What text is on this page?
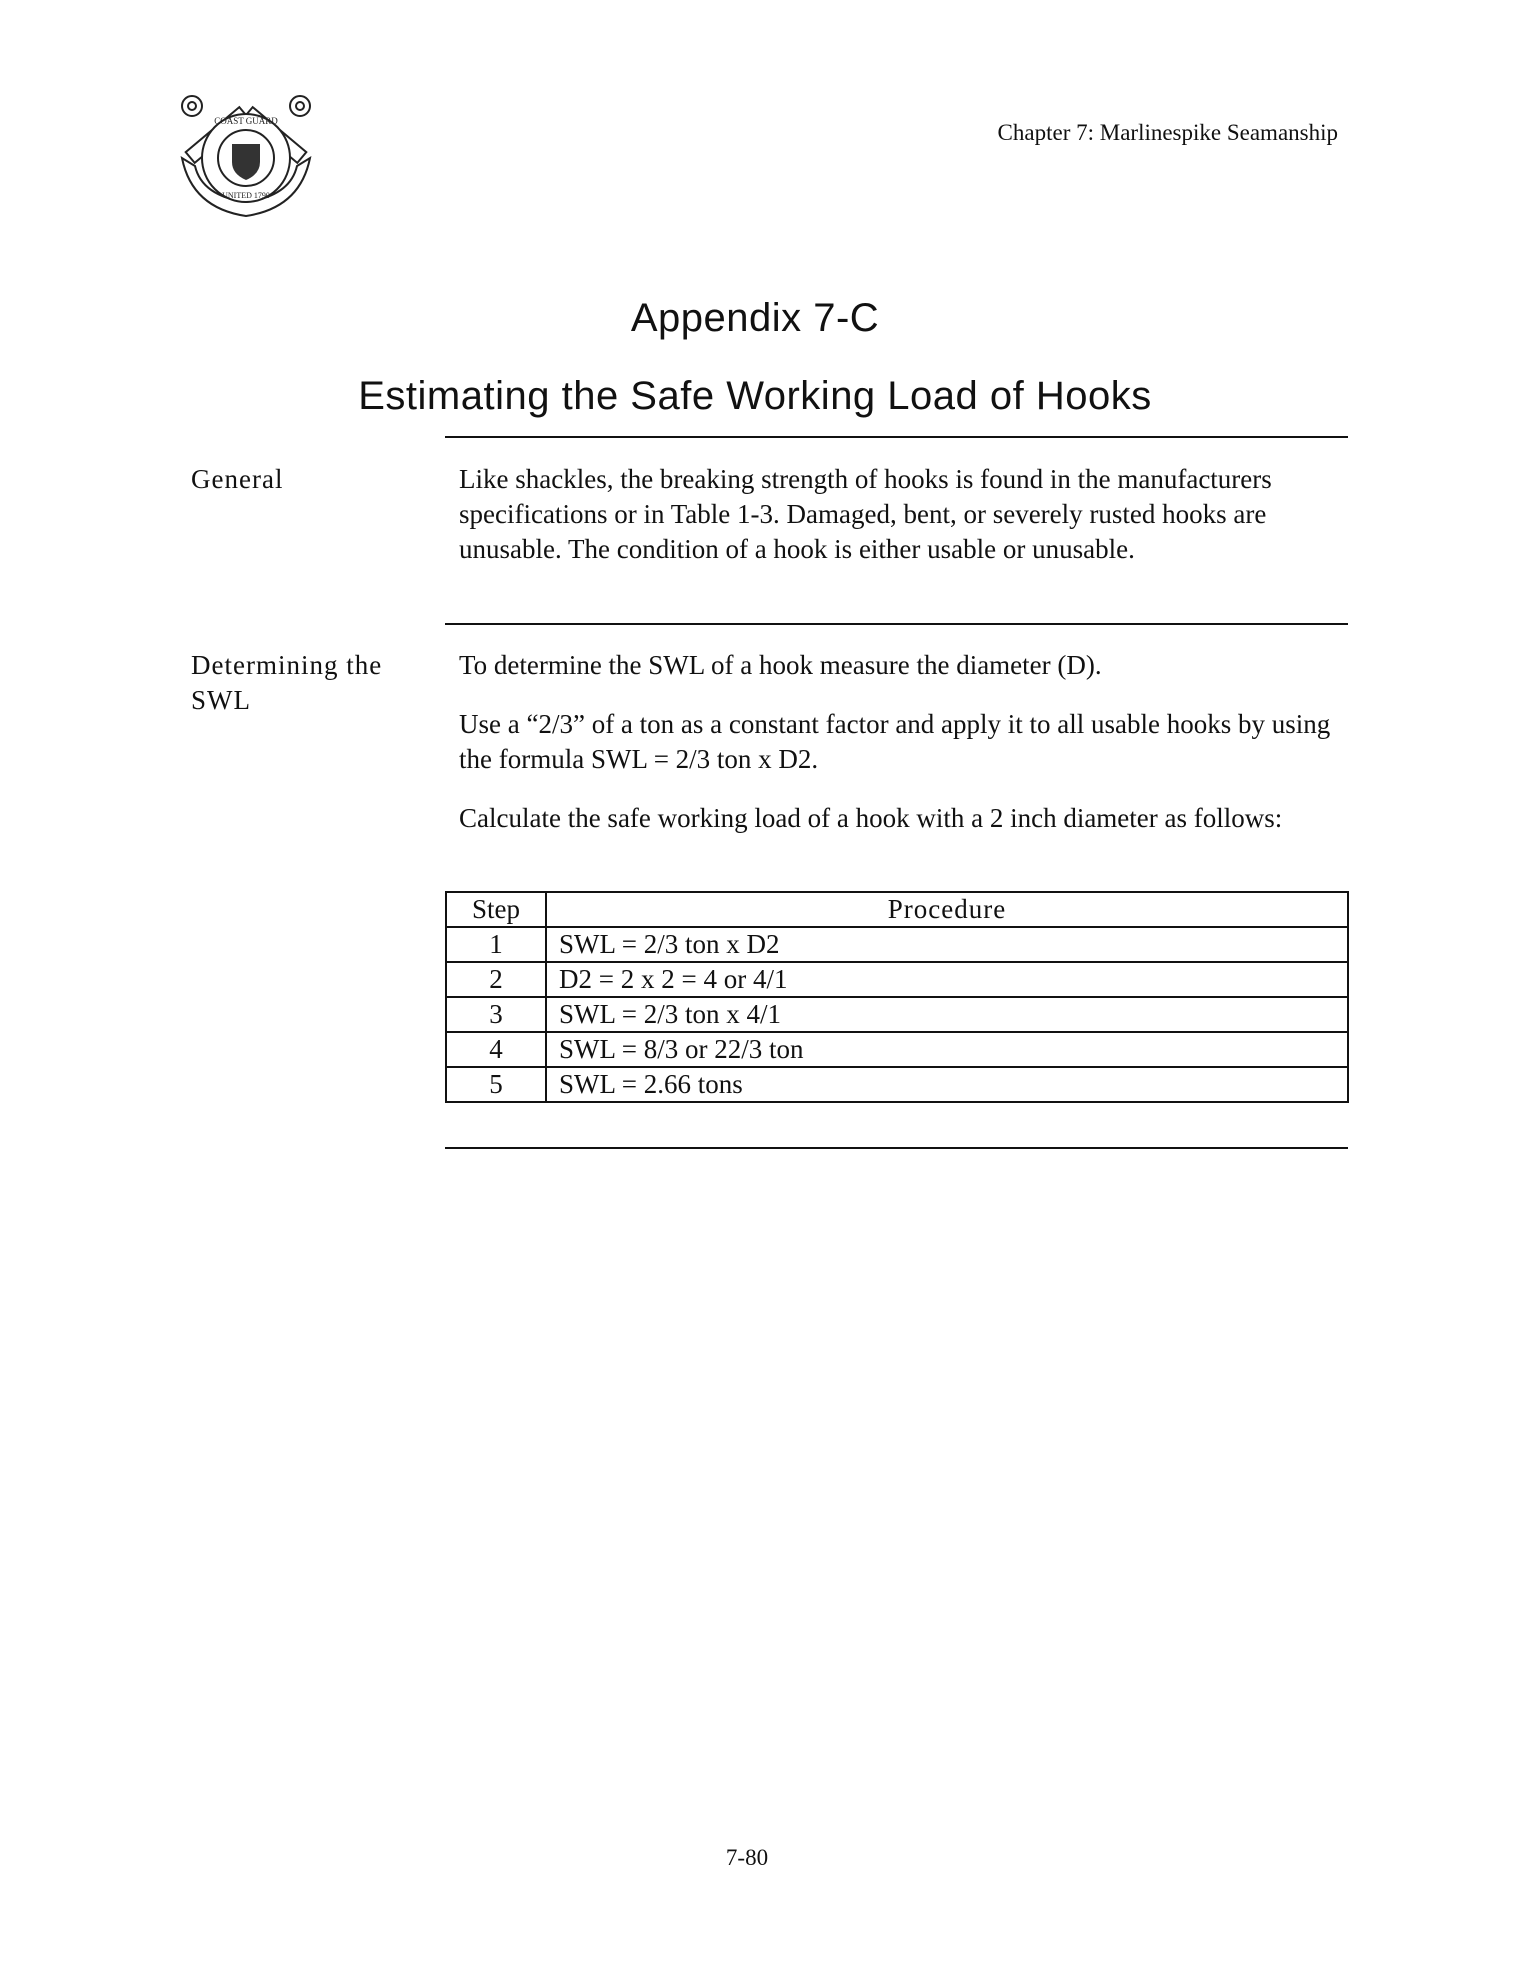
COAST GUARD
UNITED 1790
Chapter 7: Marlinespike Seamanship
Appendix 7-C
Estimating the Safe Working Load of Hooks
General	Like shackles, the breaking strength of hooks is found in the manufacturers specifications or in Table 1-3. Damaged, bent, or severely rusted hooks are unusable. The condition of a hook is either usable or unusable.

Determining the SWL

To determine the SWL of a hook measure the diameter (D).

Use a “2/3” of a ton as a constant factor and apply it to all usable hooks by using the formula SWL = 2/3 ton x D2.

Calculate the safe working load of a hook with a 2 inch diameter as follows:

Step	Procedure
1	SWL = 2/3 ton x D2
2	D2 = 2 x 2 = 4 or 4/1
3	SWL = 2/3 ton x 4/1
4	SWL = 8/3 or 22/3 ton
5	SWL = 2.66 tons
7-80
